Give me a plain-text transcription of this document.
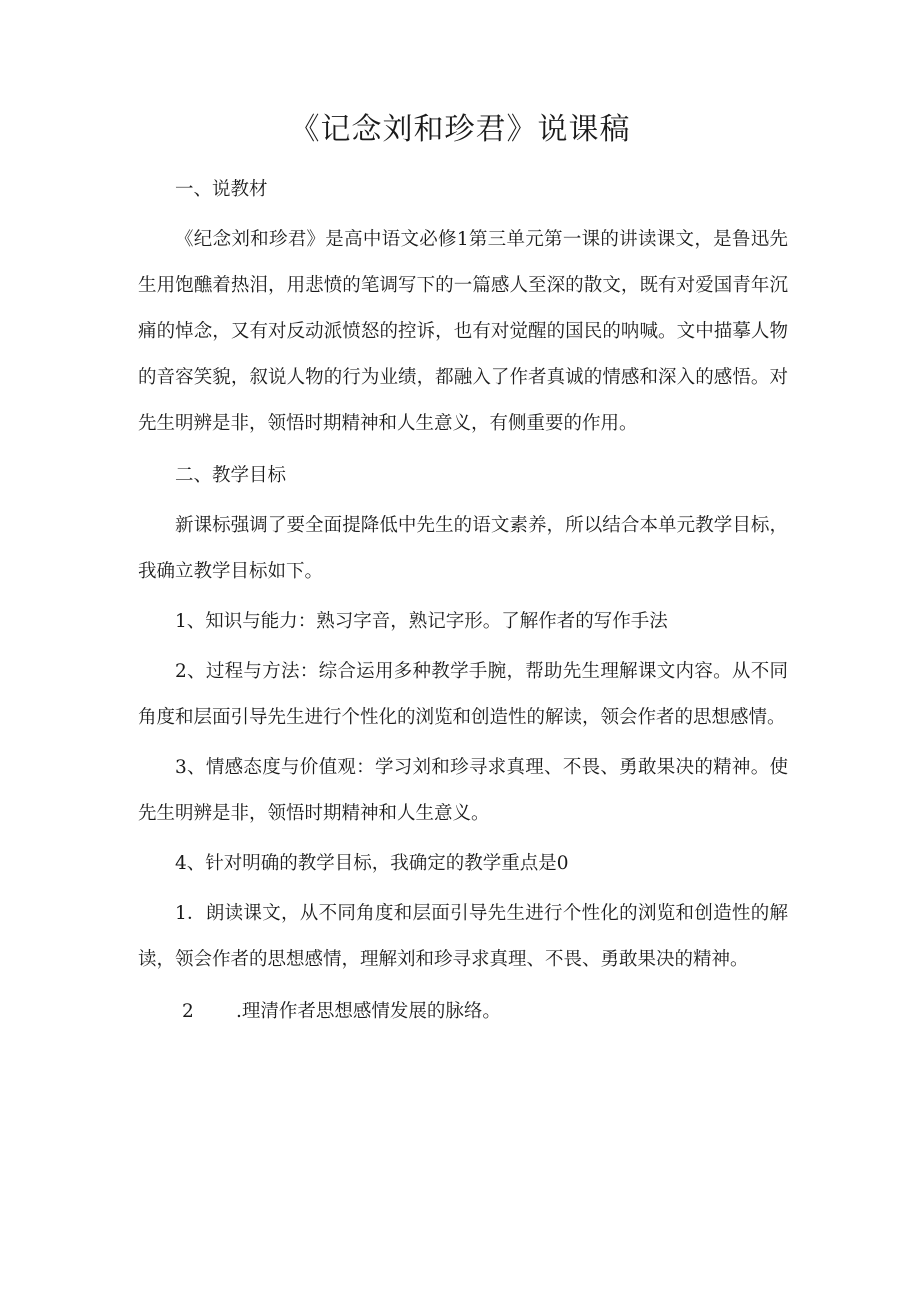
《记念刘和珍君》说课稿

一、说教材

《纪念刘和珍君》是高中语文必修1第三单元第一课的讲读课文，是鲁迅先生用饱醮着热泪，用悲愤的笔调写下的一篇感人至深的散文，既有对爱国青年沉痛的悼念，又有对反动派愤怒的控诉，也有对觉醒的国民的呐喊。文中描摹人物的音容笑貌，叙说人物的行为业绩，都融入了作者真诚的情感和深入的感悟。对先生明辨是非，领悟时期精神和人生意义，有侧重要的作用。

二、教学目标

新课标强调了要全面提降低中先生的语文素养，所以结合本单元教学目标，我确立教学目标如下。

1、知识与能力：熟习字音，熟记字形。了解作者的写作手法

2、过程与方法：综合运用多种教学手腕，帮助先生理解课文内容。从不同角度和层面引导先生进行个性化的浏览和创造性的解读，领会作者的思想感情。

3、情感态度与价值观：学习刘和珍寻求真理、不畏、勇敢果决的精神。使先生明辨是非，领悟时期精神和人生意义。

4、针对明确的教学目标，我确定的教学重点是0

1．朗读课文，从不同角度和层面引导先生进行个性化的浏览和创造性的解读，领会作者的思想感情，理解刘和珍寻求真理、不畏、勇敢果决的精神。

2 .理清作者思想感情发展的脉络。
